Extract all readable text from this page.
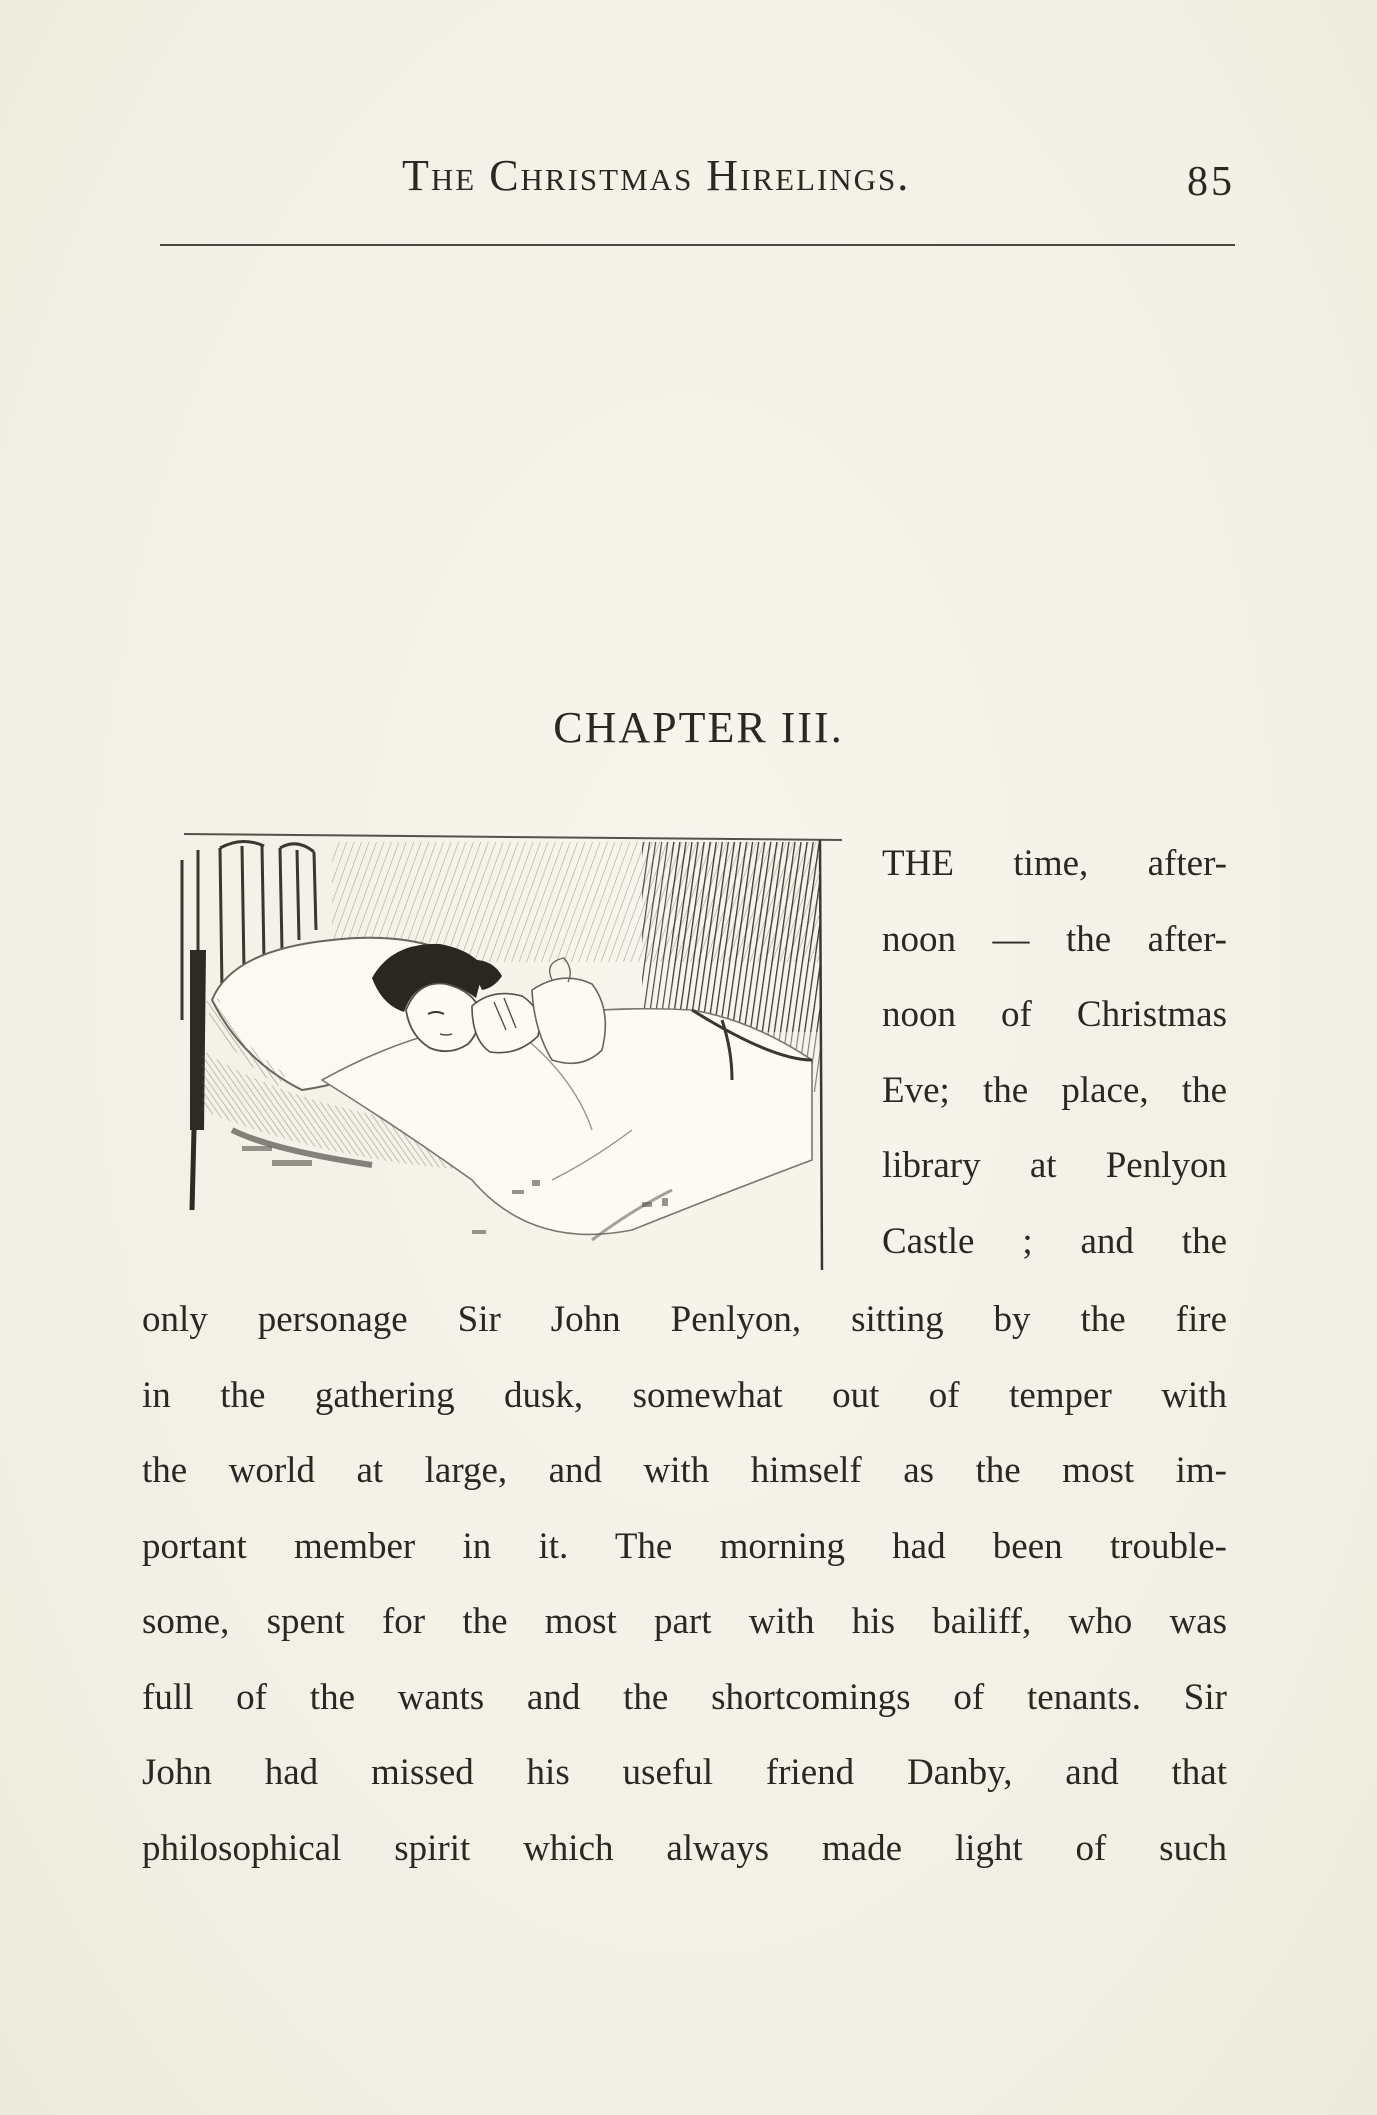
The Christmas Hirelings.	85
CHAPTER III.
THE time, after-
noon — the after-
noon of Christmas
Eve; the place, the
library at Penlyon
Castle ; and the
only personage Sir John Penlyon, sitting by the fire
in the gathering dusk, somewhat out of temper with
the world at large, and with himself as the most im-
portant member in it. The morning had been trouble-
some, spent for the most part with his bailiff, who was
full of the wants and the shortcomings of tenants. Sir
John had missed his useful friend Danby, and that
philosophical spirit which always made light of such
